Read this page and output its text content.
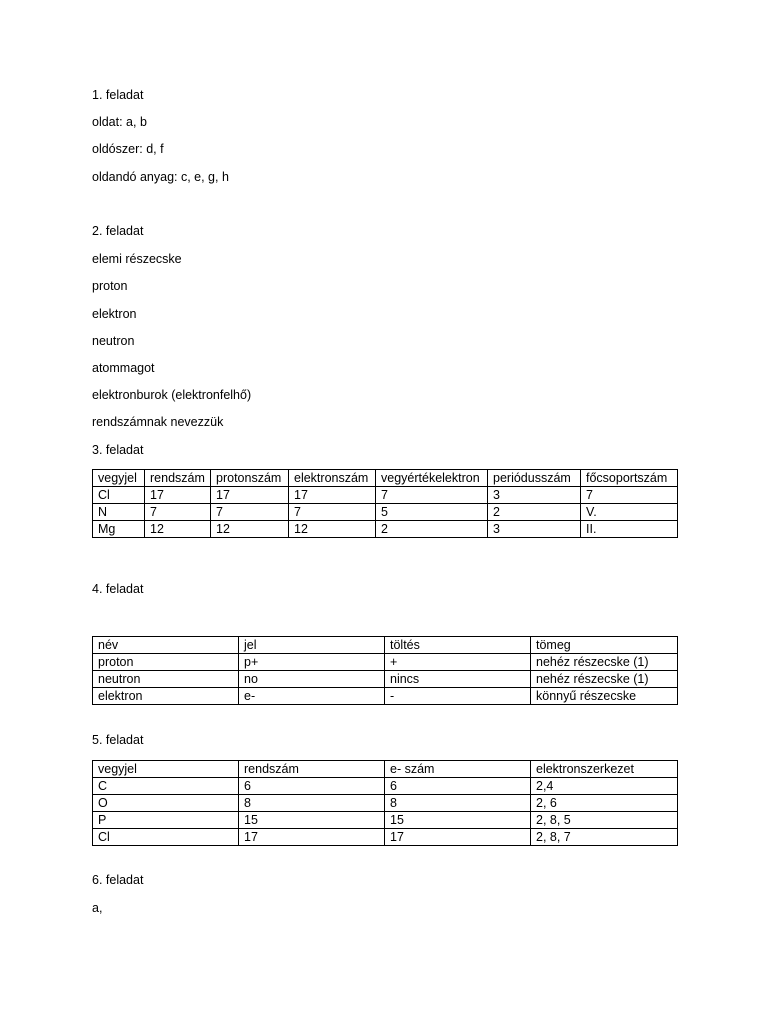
1. feladat
oldat: a, b
oldószer: d, f
oldandó anyag: c, e, g, h
2. feladat
elemi részecske
proton
elektron
neutron
atommagot
elektronburok (elektronfelhő)
rendszámnak nevezzük
3. feladat
vegyjel	rendszám	protonszám	elektronszám	vegyértékelektron	periódusszám	főcsoportszám
Cl	17	17	17	7	3	7
N	7	7	7	5	2	V.
Mg	12	12	12	2	3	II.
4. feladat
név	jel	töltés	tömeg
proton	p+	+	nehéz részecske (1)
neutron	no	nincs	nehéz részecske (1)
elektron	e-	-	könnyű részecske
5. feladat
vegyjel	rendszám	e- szám	elektronszerkezet
C	6	6	2,4
O	8	8	2, 6
P	15	15	2, 8, 5
Cl	17	17	2, 8, 7
6. feladat
a,
